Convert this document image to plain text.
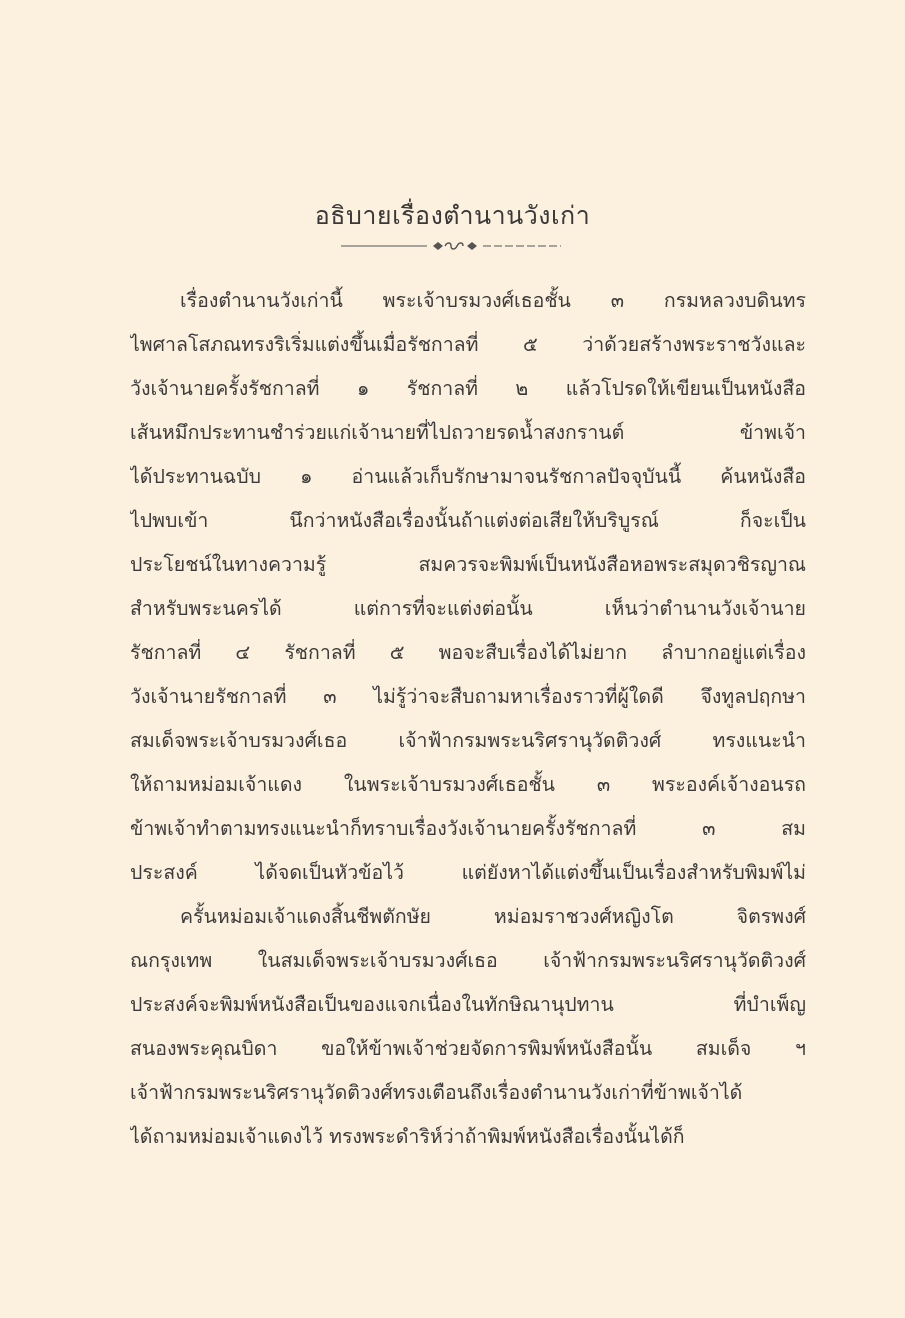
อธิบายเรื่องตำนานวังเก่า
เรื่องตำนานวังเก่านี้ พระเจ้าบรมวงศ์เธอชั้น ๓ กรมหลวงบดินทร
ไพศาลโสภณทรงริเริ่มแต่งขึ้นเมื่อรัชกาลที่ ๕ ว่าด้วยสร้างพระราชวังและ
วังเจ้านายครั้งรัชกาลที่ ๑ รัชกาลที่ ๒ แล้วโปรดให้เขียนเป็นหนังสือ
เส้นหมึกประทานชำร่วยแก่เจ้านายที่ไปถวายรดน้ำสงกรานต์ ข้าพเจ้า
ได้ประทานฉบับ ๑ อ่านแล้วเก็บรักษามาจนรัชกาลปัจจุบันนี้ ค้นหนังสือ
ไปพบเข้า นึกว่าหนังสือเรื่องนั้นถ้าแต่งต่อเสียให้บริบูรณ์ ก็จะเป็น
ประโยชน์ในทางความรู้ สมควรจะพิมพ์เป็นหนังสือหอพระสมุดวชิรญาณ
สำหรับพระนครได้ แต่การที่จะแต่งต่อนั้น เห็นว่าตำนานวังเจ้านาย
รัชกาลที่ ๔ รัชกาลที่ ๕ พอจะสืบเรื่องได้ไม่ยาก ลำบากอยู่แต่เรื่อง
วังเจ้านายรัชกาลที่ ๓ ไม่รู้ว่าจะสืบถามหาเรื่องราวที่ผู้ใดดี จึงทูลปฤกษา
สมเด็จพระเจ้าบรมวงศ์เธอ เจ้าฟ้ากรมพระนริศรานุวัดติวงศ์ ทรงแนะนำ
ให้ถามหม่อมเจ้าแดง ในพระเจ้าบรมวงศ์เธอชั้น ๓ พระองค์เจ้างอนรถ
ข้าพเจ้าทำตามทรงแนะนำก็ทราบเรื่องวังเจ้านายครั้งรัชกาลที่ ๓ สม
ประสงค์ ได้จดเป็นหัวข้อไว้ แต่ยังหาได้แต่งขึ้นเป็นเรื่องสำหรับพิมพ์ไม่
ครั้นหม่อมเจ้าแดงสิ้นชีพตักษัย หม่อมราชวงศ์หญิงโต จิตรพงศ์
ณกรุงเทพ ในสมเด็จพระเจ้าบรมวงศ์เธอ เจ้าฟ้ากรมพระนริศรานุวัดติวงศ์
ประสงค์จะพิมพ์หนังสือเป็นของแจกเนื่องในทักษิณานุปทาน ที่บำเพ็ญ
สนองพระคุณบิดา ขอให้ข้าพเจ้าช่วยจัดการพิมพ์หนังสือนั้น สมเด็จ ฯ
เจ้าฟ้ากรมพระนริศรานุวัดติวงศ์ทรงเตือนถึงเรื่องตำนานวังเก่าที่ข้าพเจ้าได้
ได้ถามหม่อมเจ้าแดงไว้ ทรงพระดำริห์ว่าถ้าพิมพ์หนังสือเรื่องนั้นได้ก็
